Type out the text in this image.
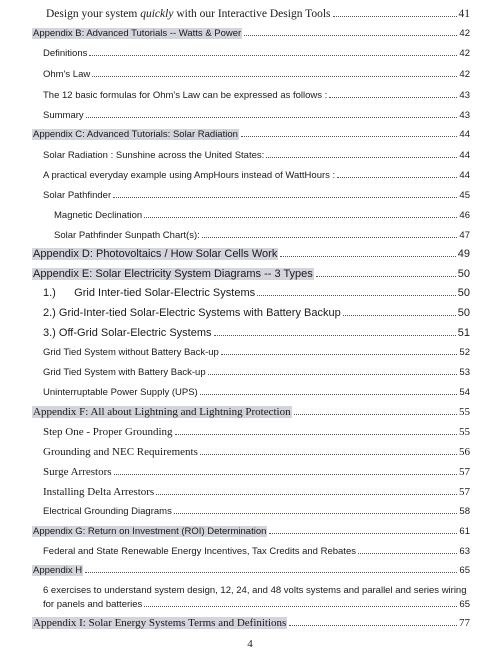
Design your system quickly with our Interactive Design Tools	41
Appendix B: Advanced Tutorials -- Watts & Power	42
Definitions	42
Ohm's Law	42
The 12 basic formulas for Ohm's Law can be expressed as follows :	43
Summary	43
Appendix C: Advanced Tutorials: Solar Radiation	44
Solar Radiation : Sunshine across the United States:	44
A practical everyday example using AmpHours instead of WattHours :	44
Solar Pathfinder	45
Magnetic Declination	46
Solar Pathfinder Sunpath Chart(s):	47
Appendix D: Photovoltaics / How Solar Cells Work	49
Appendix E: Solar Electricity System Diagrams -- 3 Types	50
1.)      Grid Inter-tied Solar-Electric Systems	50
2.) Grid-Inter-tied Solar-Electric Systems with Battery Backup	50
3.) Off-Grid Solar-Electric Systems	51
Grid Tied System without Battery Back-up	52
Grid Tied System with Battery Back-up	53
Uninterruptable Power Supply (UPS)	54
Appendix F: All about Lightning and Lightning Protection	55
Step One - Proper Grounding	55
Grounding and NEC Requirements	56
Surge Arrestors	57
Installing Delta Arrestors	57
Electrical Grounding Diagrams	58
Appendix G: Return on Investment (ROI) Determination	61
Federal and State Renewable Energy Incentives, Tax Credits and Rebates	63
Appendix H	65
6 exercises to understand system design, 12, 24, and 48 volts systems and parallel and series wiring
for panels and batteries	65
Appendix I: Solar Energy Systems Terms and Definitions	77
4
